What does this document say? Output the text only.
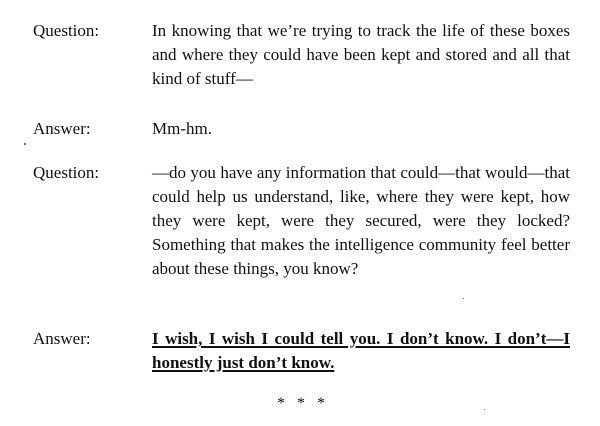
Question:	In knowing that we’re trying to track the life of these boxes and where they could have been kept and stored and all that kind of stuff—
Answer:	Mm-hm.
Question:	—do you have any information that could—that would—that could help us understand, like, where they were kept, how they were kept, were they secured, were they locked? Something that makes the intelligence community feel better about these things, you know?
Answer:	I wish, I wish I could tell you. I don’t know. I don’t—I honestly just don’t know.
* * *
